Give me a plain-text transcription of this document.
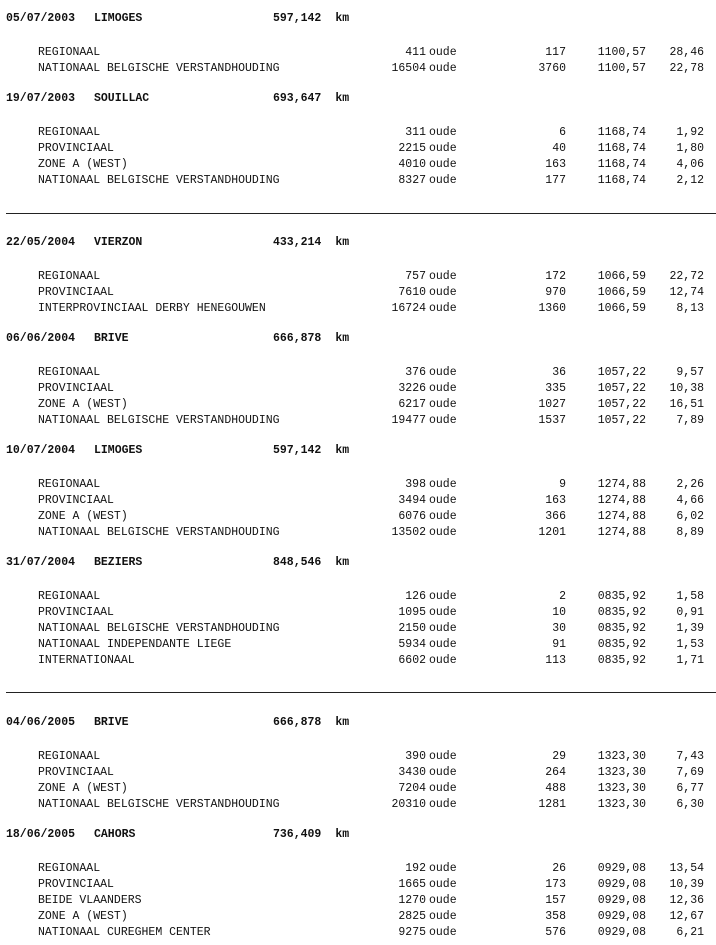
05/07/2003 LIMOGES	597,142 km
REGIONAAL	411 oude	117	1100,57 28,46
NATIONAAL BELGISCHE VERSTANDHOUDING	16504 oude	3760	1100,57 22,78
19/07/2003 SOUILLAC	693,647 km
REGIONAAL	311 oude	6	1168,74	1,92
PROVINCIAAL	2215 oude	40	1168,74	1,80
ZONE A (WEST)	4010 oude	163	1168,74	4,06
NATIONAAL BELGISCHE VERSTANDHOUDING	8327 oude	177	1168,74	2,12
22/05/2004 VIERZON	433,214 km
REGIONAAL	757 oude	172	1066,59 22,72
PROVINCIAAL	7610 oude	970	1066,59 12,74
INTERPROVINCIAAL DERBY HENEGOUWEN	16724 oude	1360	1066,59	8,13
06/06/2004 BRIVE	666,878 km
REGIONAAL	376 oude	36	1057,22	9,57
PROVINCIAAL	3226 oude	335	1057,22 10,38
ZONE A (WEST)	6217 oude	1027	1057,22 16,51
NATIONAAL BELGISCHE VERSTANDHOUDING	19477 oude	1537	1057,22	7,89
10/07/2004 LIMOGES	597,142 km
REGIONAAL	398 oude	9	1274,88	2,26
PROVINCIAAL	3494 oude	163	1274,88	4,66
ZONE A (WEST)	6076 oude	366	1274,88	6,02
NATIONAAL BELGISCHE VERSTANDHOUDING	13502 oude	1201	1274,88	8,89
31/07/2004 BEZIERS	848,546 km
REGIONAAL	126 oude	2	0835,92	1,58
PROVINCIAAL	1095 oude	10	0835,92	0,91
NATIONAAL BELGISCHE VERSTANDHOUDING	2150 oude	30	0835,92	1,39
NATIONAAL INDEPENDANTE LIEGE	5934 oude	91	0835,92	1,53
INTERNATIONAAL	6602 oude	113	0835,92	1,71
04/06/2005 BRIVE	666,878 km
REGIONAAL	390 oude	29	1323,30	7,43
PROVINCIAAL	3430 oude	264	1323,30	7,69
ZONE A (WEST)	7204 oude	488	1323,30	6,77
NATIONAAL BELGISCHE VERSTANDHOUDING	20310 oude	1281	1323,30	6,30
18/06/2005 CAHORS	736,409 km
REGIONAAL	192 oude	26	0929,08 13,54
PROVINCIAAL	1665 oude	173	0929,08 10,39
BEIDE VLAANDERS	1270 oude	157	0929,08 12,36
ZONE A (WEST)	2825 oude	358	0929,08 12,67
NATIONAAL CUREGHEM CENTER	9275 oude	576	0929,08	6,21
